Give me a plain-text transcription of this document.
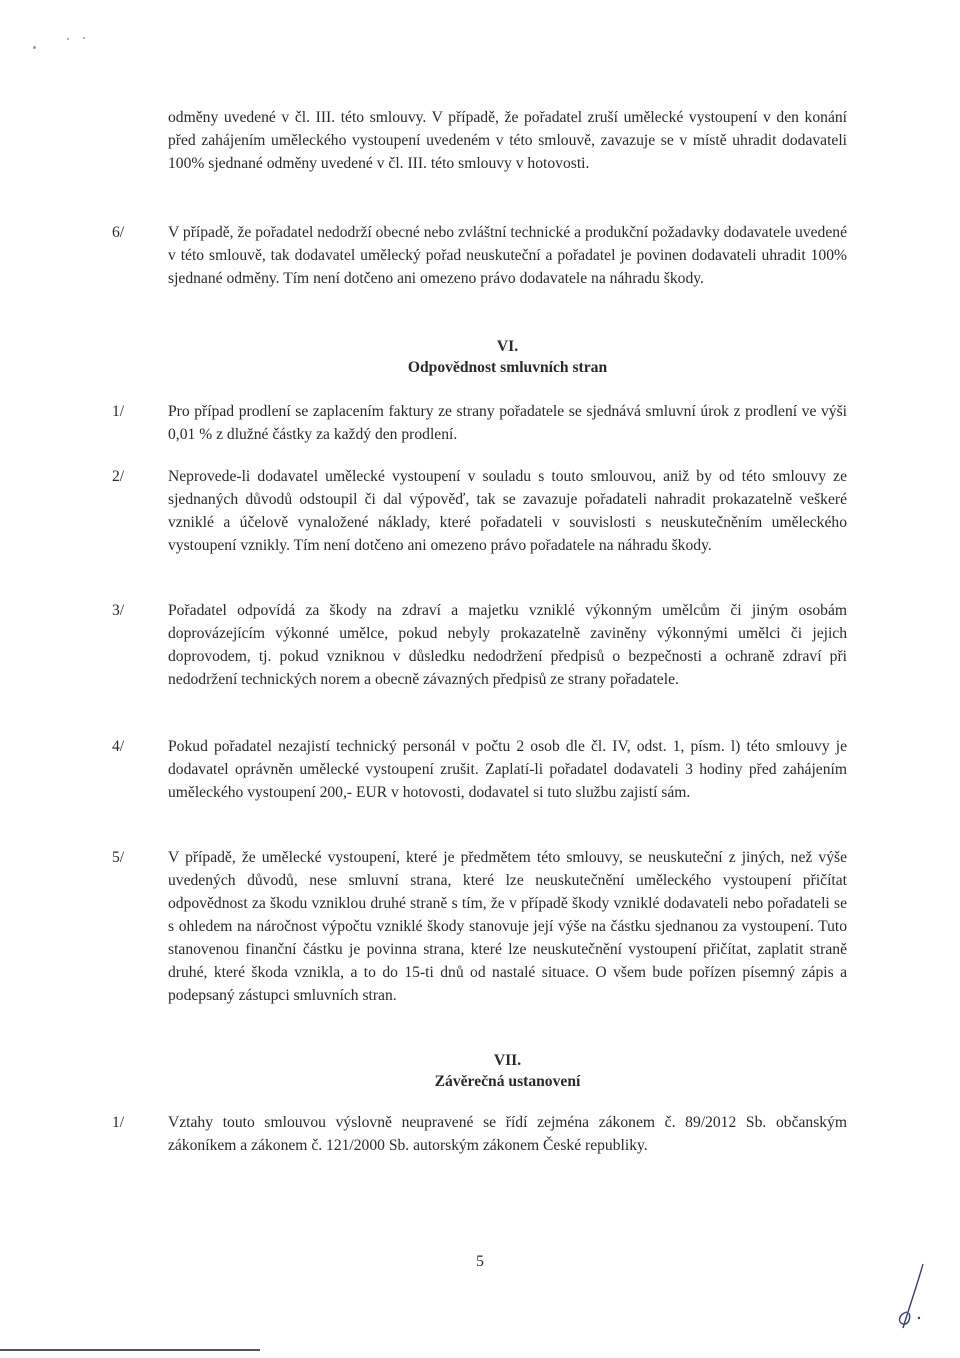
odměny uvedené v čl. III. této smlouvy. V případě, že pořadatel zruší umělecké vystoupení v den konání před zahájením uměleckého vystoupení uvedeném v této smlouvě, zavazuje se v místě uhradit dodavateli 100% sjednané odměny uvedené v čl. III. této smlouvy v hotovosti.
6/	V případě, že pořadatel nedodrží obecné nebo zvláštní technické a produkční požadavky dodavatele uvedené v této smlouvě, tak dodavatel umělecký pořad neuskuteční a pořadatel je povinen dodavateli uhradit 100% sjednané odměny. Tím není dotčeno ani omezeno právo dodavatele na náhradu škody.
VI.
Odpovědnost smluvních stran
1/	Pro případ prodlení se zaplacením faktury ze strany pořadatele se sjednává smluvní úrok z prodlení ve výši 0,01 % z dlužné částky za každý den prodlení.
2/	Neprovede-li dodavatel umělecké vystoupení v souladu s touto smlouvou, aniž by od této smlouvy ze sjednaných důvodů odstoupil či dal výpověď, tak se zavazuje pořadateli nahradit prokazatelně veškeré vzniklé a účelově vynaložené náklady, které pořadateli v souvislosti s neuskutečněním uměleckého vystoupení vznikly. Tím není dotčeno ani omezeno právo pořadatele na náhradu škody.
3/	Pořadatel odpovídá za škody na zdraví a majetku vzniklé výkonným umělcům či jiným osobám doprovázejícím výkonné umělce, pokud nebyly prokazatelně zaviněny výkonnými umělci či jejich doprovodem, tj. pokud vzniknou v důsledku nedodržení předpisů o bezpečnosti a ochraně zdraví při nedodržení technických norem a obecně závazných předpisů ze strany pořadatele.
4/	Pokud pořadatel nezajistí technický personál v počtu 2 osob dle čl. IV, odst. 1, písm. l) této smlouvy je dodavatel oprávněn umělecké vystoupení zrušit. Zaplatí-li pořadatel dodavateli 3 hodiny před zahájením uměleckého vystoupení 200,- EUR v hotovosti, dodavatel si tuto službu zajistí sám.
5/	V případě, že umělecké vystoupení, které je předmětem této smlouvy, se neuskuteční z jiných, než výše uvedených důvodů, nese smluvní strana, které lze neuskutečnění uměleckého vystoupení přičítat odpovědnost za škodu vzniklou druhé straně s tím, že v případě škody vzniklé dodavateli nebo pořadateli se s ohledem na náročnost výpočtu vzniklé škody stanovuje její výše na částku sjednanou za vystoupení. Tuto stanovenou finanční částku je povinna strana, které lze neuskutečnění vystoupení přičítat, zaplatit straně druhé, které škoda vznikla, a to do 15-ti dnů od nastalé situace. O všem bude pořízen písemný zápis a podepsaný zástupci smluvních stran.
VII.
Závěrečná ustanovení
1/	Vztahy touto smlouvou výslovně neupravené se řídí zejména zákonem č. 89/2012 Sb. občanským zákoníkem a zákonem č. 121/2000 Sb. autorským zákonem České republiky.
5
